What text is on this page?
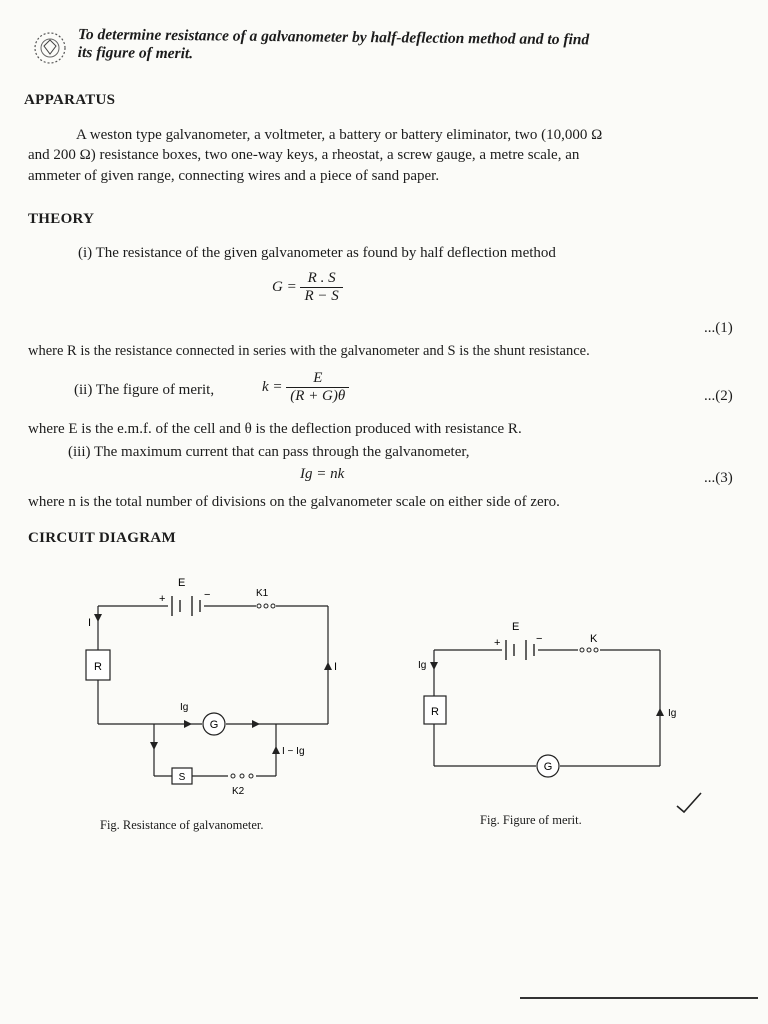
To determine resistance of a galvanometer by half-deflection method and to find
its figure of merit.
APPARATUS
A weston type galvanometer, a voltmeter, a battery or battery eliminator, two (10,000 Ω
and 200 Ω) resistance boxes, two one-way keys, a rheostat, a screw gauge, a metre scale, an
ammeter of given range, connecting wires and a piece of sand paper.
THEORY
(i) The resistance of the given galvanometer as found by half deflection method
$G = \frac{R . S}{R - S}$
...(1)
where R is the resistance connected in series with the galvanometer and S is the shunt resistance.
(ii) The figure of merit,	$k = \frac{E}{(R + G)\theta}$	...(2)
where E is the e.m.f. of the cell and θ is the deflection produced with resistance R.
(iii) The maximum current that can pass through the galvanometer,
Ig = nk	...(3)
where n is the total number of divisions on the galvanometer scale on either side of zero.
CIRCUIT DIAGRAM
R
G
S
E
+	−	K1
I
I
Ig
I − Ig
K2
Fig. Resistance of galvanometer.
R
G
E
+	−	K
Ig
Ig
Fig. Figure of merit.
